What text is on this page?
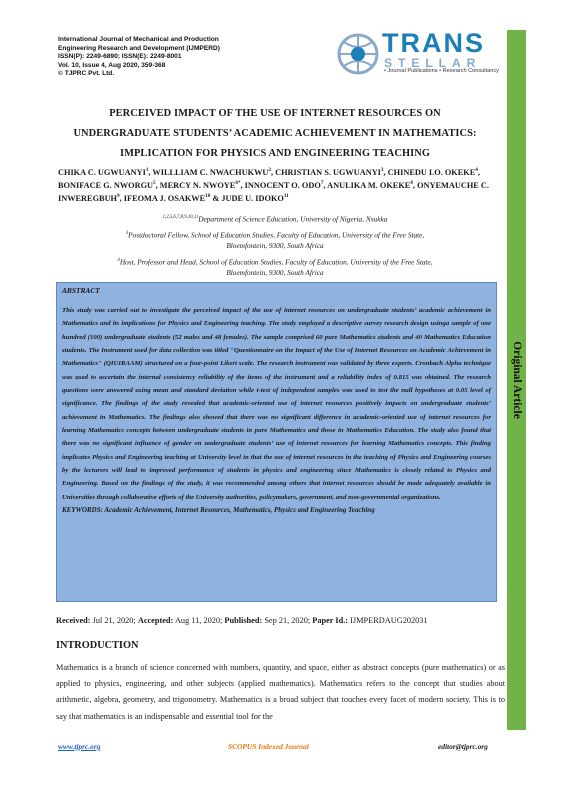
International Journal of Mechanical and Production
Engineering Research and Development (IJMPERD)
ISSN(P): 2249-6890; ISSN(E): 2249-8001
Vol. 10, Issue 4, Aug 2020, 359-368
© TJPRC Pvt. Ltd.
TRANS
STELLAR
• Journal Publications • Research Consultancy
Original Article
PERCEIVED IMPACT OF THE USE OF INTERNET RESOURCES ON
UNDERGRADUATE STUDENTS’ ACADEMIC ACHIEVEMENT IN MATHEMATICS:
IMPLICATION FOR PHYSICS AND ENGINEERING TEACHING
CHIKA C. UGWUANYI$^1$, WILLLIAM C. NWACHUKWU$^2$, CHRISTIAN S. UGWUANYI$^3$, CHINEDU I.O. OKEKE$^4$, BONIFACE G. NWORGU$^5$, MERCY N. $NWOYE^{6*}$, INNOCENT O. ODO$^7$, ANULIKA M. OKEKE$^8$, ONYEMAUCHE C. INWEREGBUH$^9$, IFEOMA J. OSAKWE$^{10}$ & JUDE U. IDOKO$^{11}$
$^{1,2,5,6,7,8,9,10,11}$Department of Science Education, University of Nigeria, Nsukka
$^3$Postdoctoral Fellow, School of Education Studies, Faculty of Education, University of the Free State,
Bloemfontein, 9300, South Africa
$^4$Host, Professor and Head, School of Education Studies, Faculty of Education, University of the Free State,
Bloemfontein, 9300, South Africa
ABSTRACT
This study was carried out to investigate the perceived impact of the use of internet resources on undergraduate students’ academic achievement in Mathematics and its implications for Physics and Engineering teaching. The study employed a descriptive survey research design usinga sample of one hundred (100) undergraduate students (52 males and 48 females). The sample comprised 60 pure Mathematics students and 40 Mathematics Education students. The Instrument used for data collection was titled "Questionnaire on the Impact of the Use of Internet Resources on Academic Achievement in Mathematics" (QIUIRAAM) structured on a four-point Likert scale. The research instrument was validated by three experts. Cronbach Alpha technique was used to ascertain the internal consistency reliability of the items of the instrument and a reliability index of 0.815 was obtained. The research questions were answered using mean and standard deviation while t-test of independent samples was used to test the null hypotheses at 0.05 level of significance. The findings of the study revealed that academic-oriented use of internet resources positively impacts on undergraduate students’ achievement in Mathematics. The findings also showed that there was no significant difference in academic-oriented use of internet resources for learning Mathematics concepts between undergraduate students in pure Mathematics and those in Mathematics Education. The study also found that there was no significant influence of gender on undergraduate students’ use of internet resources for learning Mathematics concepts. This finding implicates Physics and Engineering teaching at University level in that the use of internet resources in the teaching of Physics and Engineering courses by the lecturers will lead to improved performance of students in physics and engineering since Mathematics is closely related to Physics and Engineering. Based on the findings of the study, it was recommended among others that internet resources should be made adequately available in Universities through collaborative efforts of the University authorities, policymakers, government, and non-governmental organizations.
KEYWORDS: Academic Achievement, Internet Resources, Mathematics, Physics and Engineering Teaching
Received: Jul 21, 2020; Accepted: Aug 11, 2020; Published: Sep 21, 2020; Paper Id.: IJMPERDAUG202031
INTRODUCTION
Mathematics is a branch of science concerned with numbers, quantity, and space, either as abstract concepts (pure mathematics) or as applied to physics, engineering, and other subjects (applied mathematics). Mathematics refers to the concept that studies about arithmetic, algebra, geometry, and trigonometry. Mathematics is a broad subject that touches every facet of modern society. This is to say that mathematics is an indispensable and essential tool for the
www.tjprc.org	SCOPUS Indexed Journal	editor@tjprc.org
